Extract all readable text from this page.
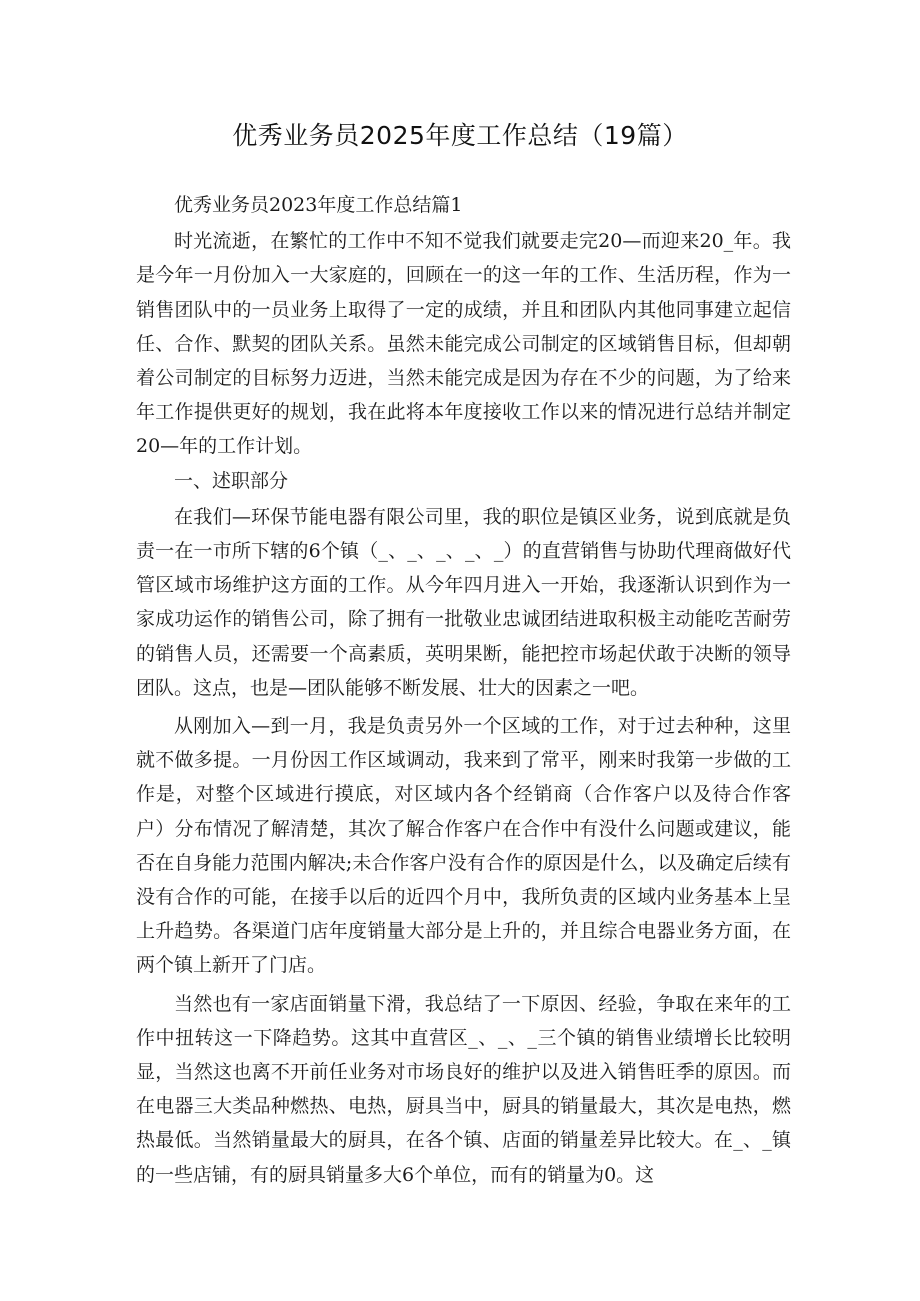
优秀业务员2025年度工作总结（19篇）

优秀业务员2023年度工作总结篇1

时光流逝，在繁忙的工作中不知不觉我们就要走完20—而迎来20_年。我是今年一月份加入一大家庭的，回顾在一的这一年的工作、生活历程，作为一销售团队中的一员业务上取得了一定的成绩，并且和团队内其他同事建立起信任、合作、默契的团队关系。虽然未能完成公司制定的区域销售目标，但却朝着公司制定的目标努力迈进，当然未能完成是因为存在不少的问题，为了给来年工作提供更好的规划，我在此将本年度接收工作以来的情况进行总结并制定20—年的工作计划。

一、述职部分

在我们—环保节能电器有限公司里，我的职位是镇区业务，说到底就是负责一在一市所下辖的6个镇（_、_、_、_、_）的直营销售与协助代理商做好代管区域市场维护这方面的工作。从今年四月进入一开始，我逐渐认识到作为一家成功运作的销售公司，除了拥有一批敬业忠诚团结进取积极主动能吃苦耐劳的销售人员，还需要一个高素质，英明果断，能把控市场起伏敢于决断的领导团队。这点，也是—团队能够不断发展、壮大的因素之一吧。

从刚加入—到一月，我是负责另外一个区域的工作，对于过去种种，这里就不做多提。一月份因工作区域调动，我来到了常平，刚来时我第一步做的工作是，对整个区域进行摸底，对区域内各个经销商（合作客户以及待合作客户）分布情况了解清楚，其次了解合作客户在合作中有没什么问题或建议，能否在自身能力范围内解决;未合作客户没有合作的原因是什么，以及确定后续有没有合作的可能，在接手以后的近四个月中，我所负责的区域内业务基本上呈上升趋势。各渠道门店年度销量大部分是上升的，并且综合电器业务方面，在两个镇上新开了门店。

当然也有一家店面销量下滑，我总结了一下原因、经验，争取在来年的工作中扭转这一下降趋势。这其中直营区_、_、_三个镇的销售业绩增长比较明显，当然这也离不开前任业务对市场良好的维护以及进入销售旺季的原因。而在电器三大类品种燃热、电热，厨具当中，厨具的销量最大，其次是电热，燃热最低。当然销量最大的厨具，在各个镇、店面的销量差异比较大。在_、_镇的一些店铺，有的厨具销量多大6个单位，而有的销量为0。这
